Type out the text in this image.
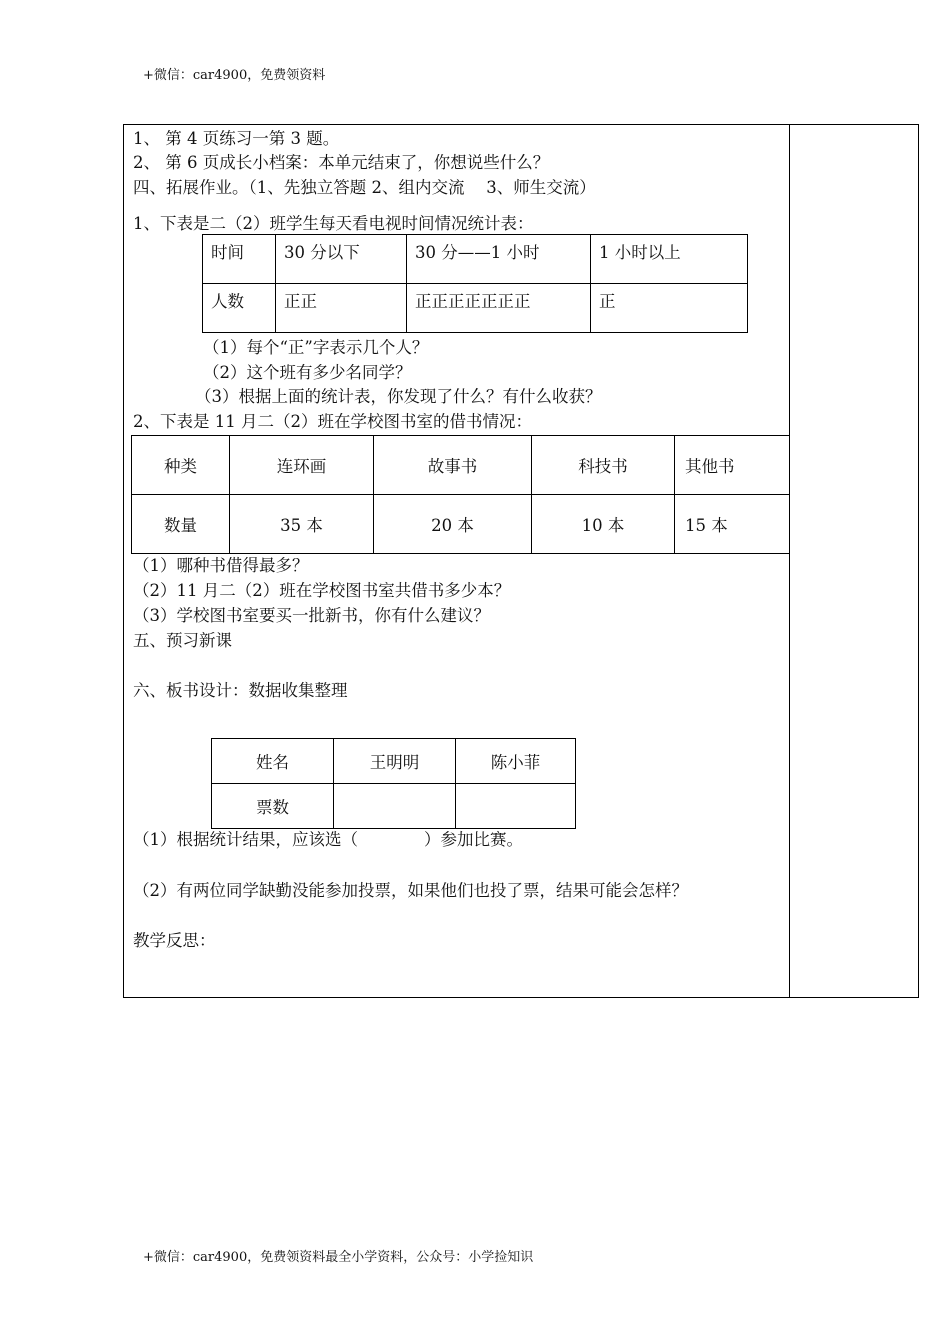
+微信：car4900，免费领资料
1、 第 4 页练习一第 3 题。
2、 第 6 页成长小档案：本单元结束了，你想说些什么？
四、拓展作业。（1、先独立答题 2、组内交流　 3、师生交流）
1、下表是二（2）班学生每天看电视时间情况统计表：
时间	30 分以下	30 分——1 小时	1 小时以上
人数	正正	正正正正正正正	正
（1）每个“正”字表示几个人？
（2）这个班有多少名同学？
（3）根据上面的统计表，你发现了什么？有什么收获？
2、下表是 11 月二（2）班在学校图书室的借书情况：
种类	连环画	故事书	科技书	其他书
数量	35 本	20 本	10 本	15 本
（1）哪种书借得最多？
（2）11 月二（2）班在学校图书室共借书多少本？
（3）学校图书室要买一批新书，你有什么建议？
五、预习新课
六、板书设计：数据收集整理
姓名	王明明	陈小菲
票数		
（1）根据统计结果，应该选（　　　　）参加比赛。
（2）有两位同学缺勤没能参加投票，如果他们也投了票，结果可能会怎样？
教学反思：
+微信：car4900，免费领资料最全小学资料，公众号：小学捡知识
